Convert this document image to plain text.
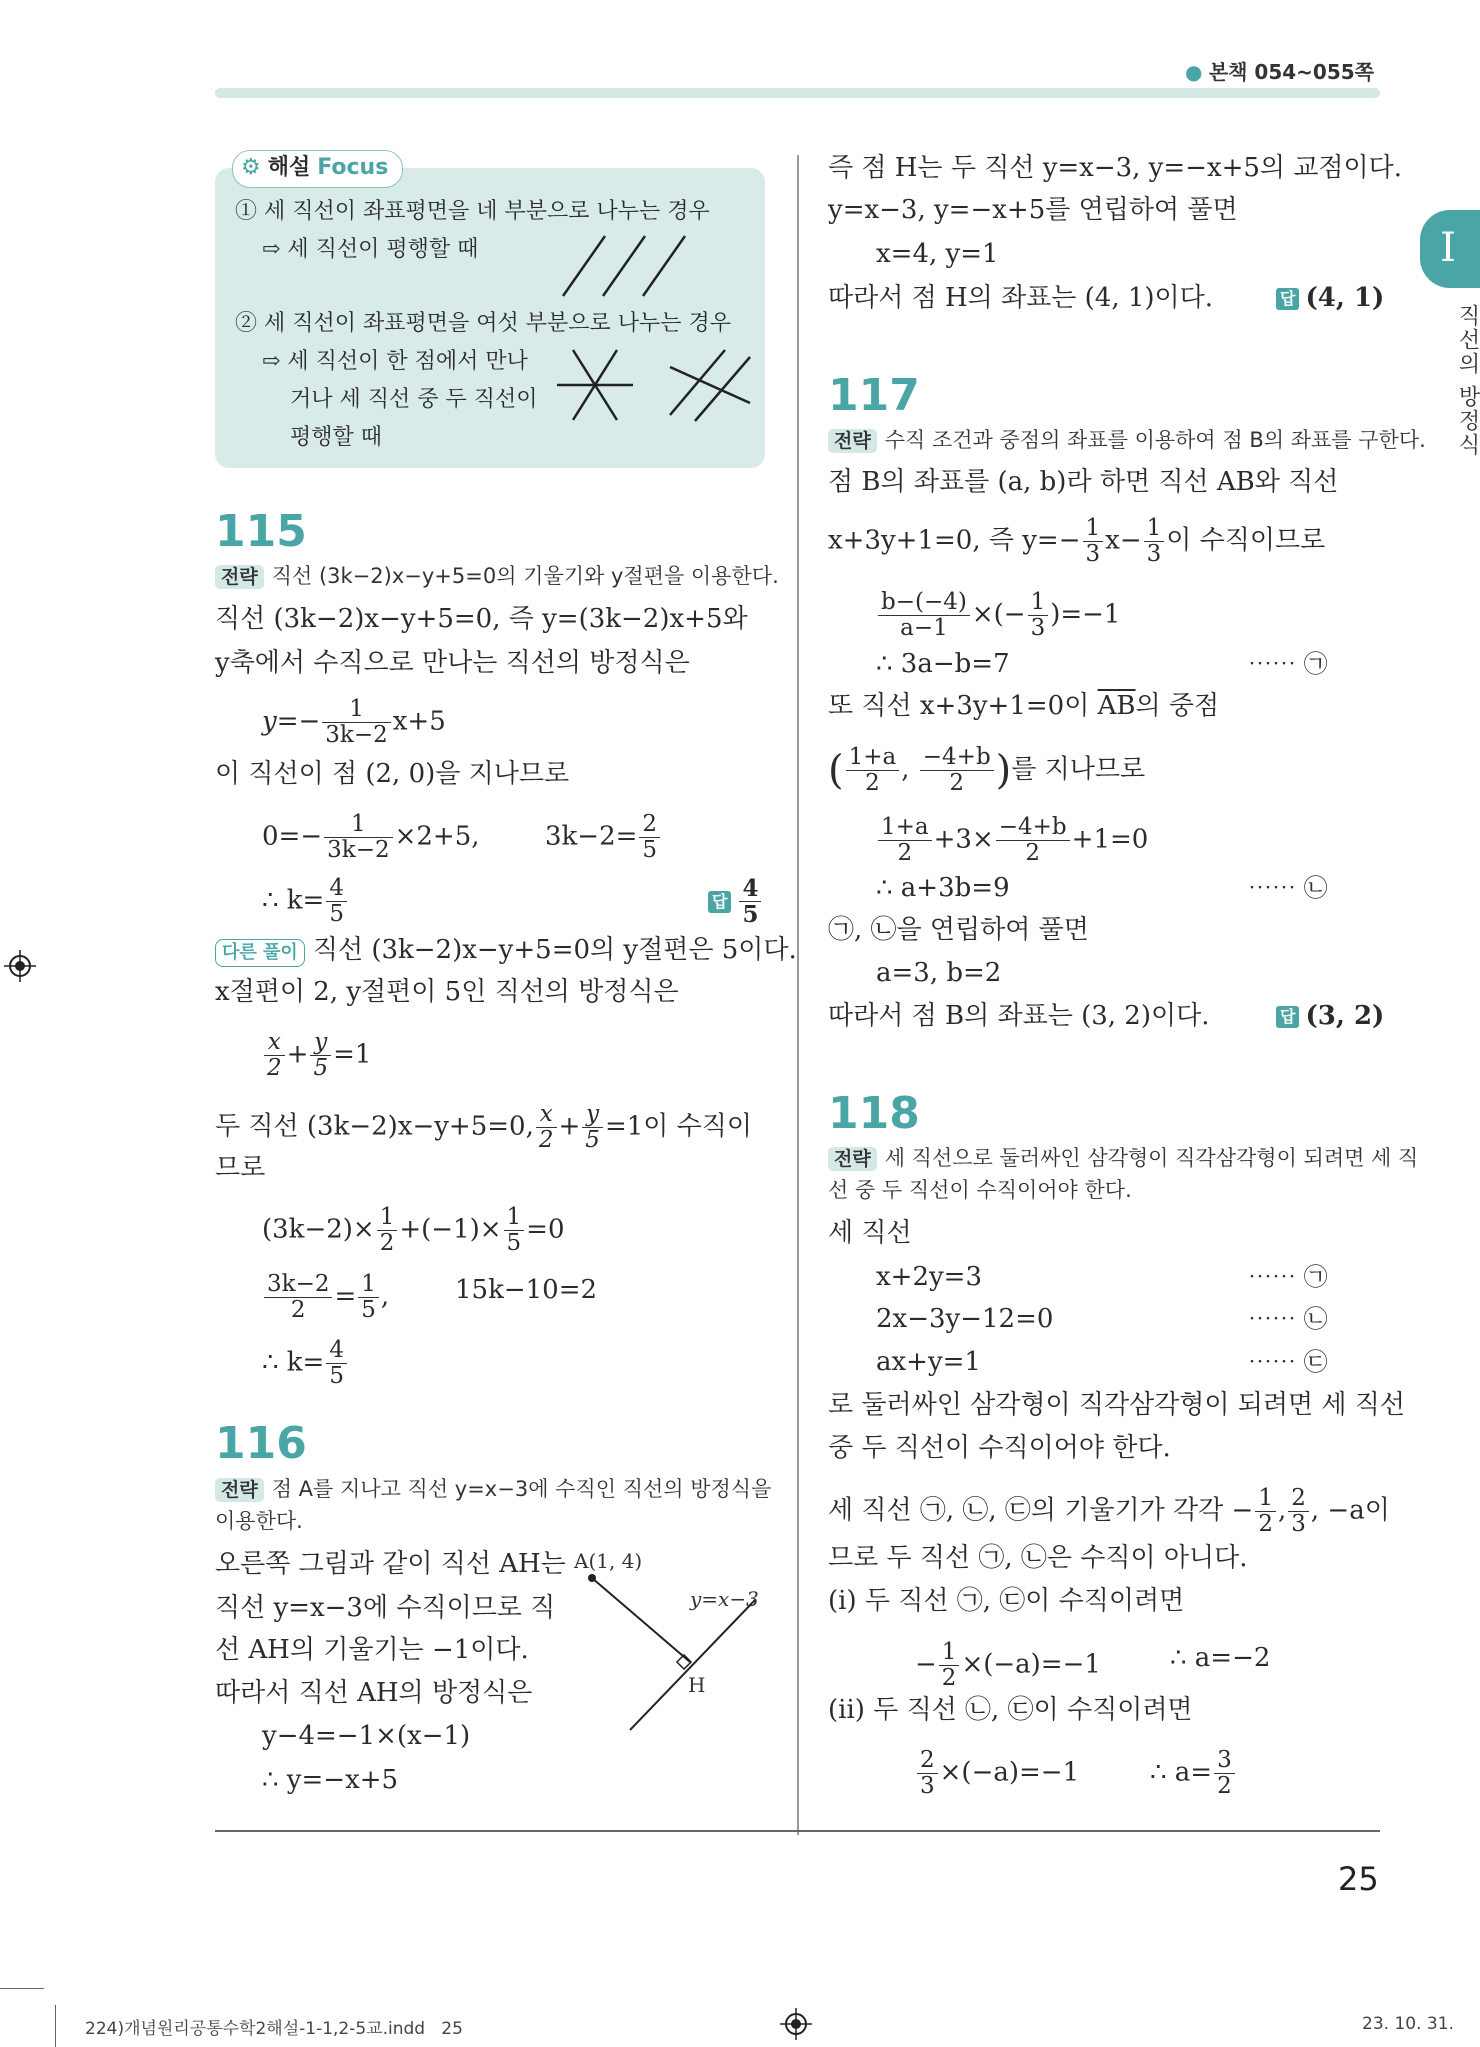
● 본책 054~055쪽
I
직선의 방정식
⚙ 해설 Focus
① 세 직선이 좌표평면을 네 부분으로 나누는 경우
⇨ 세 직선이 평행할 때
② 세 직선이 좌표평면을 여섯 부분으로 나누는 경우
⇨ 세 직선이 한 점에서 만나
거나 세 직선 중 두 직선이
평행할 때
115
전략 직선 (3k−2)x−y+5=0의 기울기와 y절편을 이용한다.
직선 (3k−2)x−y+5=0, 즉 y=(3k−2)x+5와
y축에서 수직으로 만나는 직선의 방정식은
$y=- \frac{1}{3k-2} x+5$
이 직선이 점 (2, 0)을 지나므로
$0=- \frac{1}{3k-2} \times 2+5$,	$3k-2= \frac{2}{5}$
∴ $k= \frac{4}{5}$	답 $\frac{4}{5}$
다른 풀이 직선 (3k−2)x−y+5=0의 y절편은 5이다.
x절편이 2, y절편이 5인 직선의 방정식은
$\frac{x}{2} + \frac{y}{5} =1$
두 직선 (3k−2)x−y+5=0, $\frac{x}{2} + \frac{y}{5} =1$이 수직이
므로
$(3k-2)\times \frac{1}{2} +(-1)\times \frac{1}{5} =0$
$\frac{3k-2}{2} = \frac{1}{5}$ ,	15k−10=2
∴ $k= \frac{4}{5}$
116
전략 점 A를 지나고 직선 y=x−3에 수직인 직선의 방정식을
이용한다.
오른쪽 그림과 같이 직선 AH는
직선 y=x−3에 수직이므로 직
선 AH의 기울기는 −1이다.
따라서 직선 AH의 방정식은
y−4=−1×(x−1)
∴ y=−x+5
A(1, 4)
y=x−3
H
즉 점 H는 두 직선 y=x−3, y=−x+5의 교점이다.
y=x−3, y=−x+5를 연립하여 풀면
x=4, y=1
따라서 점 H의 좌표는 (4, 1)이다.	답 (4, 1)
117
전략 수직 조건과 중점의 좌표를 이용하여 점 B의 좌표를 구한다.
점 B의 좌표를 (a, b)라 하면 직선 AB와 직선
x+3y+1=0, 즉 $y=- \frac{1}{3} x- \frac{1}{3}$ 이 수직이므로
$\frac{b-(-4)}{a-1}$ ×(− $\frac{1}{3} )=-1$
∴ 3a−b=7	⋯⋯ ㉠
또 직선 x+3y+1=0이 $\overline{AB}$의 중점
( $\frac{1+a}{2}$ , $\frac{-4+b}{2}$ )를 지나므로
$\frac{1+a}{2} +3\times \frac{-4+b}{2} +1=0$
∴ a+3b=9	⋯⋯ ㉡
㉠, ㉡을 연립하여 풀면
a=3, b=2
따라서 점 B의 좌표는 (3, 2)이다.	답 (3, 2)
118
전략 세 직선으로 둘러싸인 삼각형이 직각삼각형이 되려면 세 직
선 중 두 직선이 수직이어야 한다.
세 직선
x+2y=3	⋯⋯ ㉠
2x−3y−12=0	⋯⋯ ㉡
ax+y=1	⋯⋯ ㉢
로 둘러싸인 삼각형이 직각삼각형이 되려면 세 직선
중 두 직선이 수직이어야 한다.
세 직선 ㉠, ㉡, ㉢의 기울기가 각각 − $\frac{1}{2}$ , $\frac{2}{3}$ , −a이
므로 두 직선 ㉠, ㉡은 수직이 아니다.
(ⅰ) 두 직선 ㉠, ㉢이 수직이려면
− $\frac{1}{2} \times(-a)=-1$	∴ a=−2
(ⅱ) 두 직선 ㉡, ㉢이 수직이려면
$\frac{2}{3} \times(-a)=-1$	∴ $a= \frac{3}{2}$
25
224)개념원리공통수학2해설-1-1,2-5교.indd   25	23. 10. 31.
